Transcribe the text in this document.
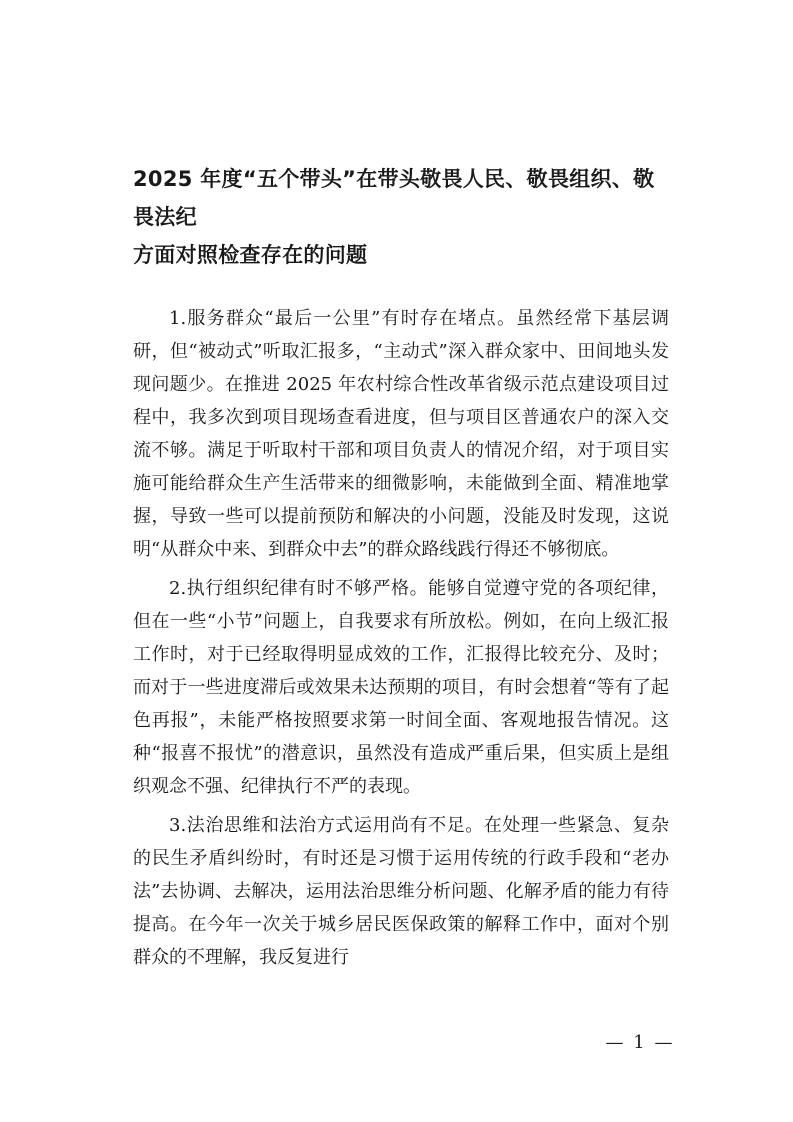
2025 年度“五个带头”在带头敬畏人民、敬畏组织、敬畏法纪
方面对照检查存在的问题

1.服务群众“最后一公里”有时存在堵点。虽然经常下基层调研，但“被动式”听取汇报多，“主动式”深入群众家中、田间地头发现问题少。在推进 2025 年农村综合性改革省级示范点建设项目过程中，我多次到项目现场查看进度，但与项目区普通农户的深入交流不够。满足于听取村干部和项目负责人的情况介绍，对于项目实施可能给群众生产生活带来的细微影响，未能做到全面、精准地掌握，导致一些可以提前预防和解决的小问题，没能及时发现，这说明“从群众中来、到群众中去”的群众路线践行得还不够彻底。

2.执行组织纪律有时不够严格。能够自觉遵守党的各项纪律，但在一些“小节”问题上，自我要求有所放松。例如，在向上级汇报工作时，对于已经取得明显成效的工作，汇报得比较充分、及时；而对于一些进度滞后或效果未达预期的项目，有时会想着“等有了起色再报”，未能严格按照要求第一时间全面、客观地报告情况。这种“报喜不报忧”的潜意识，虽然没有造成严重后果，但实质上是组织观念不强、纪律执行不严的表现。

3.法治思维和法治方式运用尚有不足。在处理一些紧急、复杂的民生矛盾纠纷时，有时还是习惯于运用传统的行政手段和“老办法”去协调、去解决，运用法治思维分析问题、化解矛盾的能力有待提高。在今年一次关于城乡居民医保政策的解释工作中，面对个别群众的不理解，我反复进行

— 1 —
